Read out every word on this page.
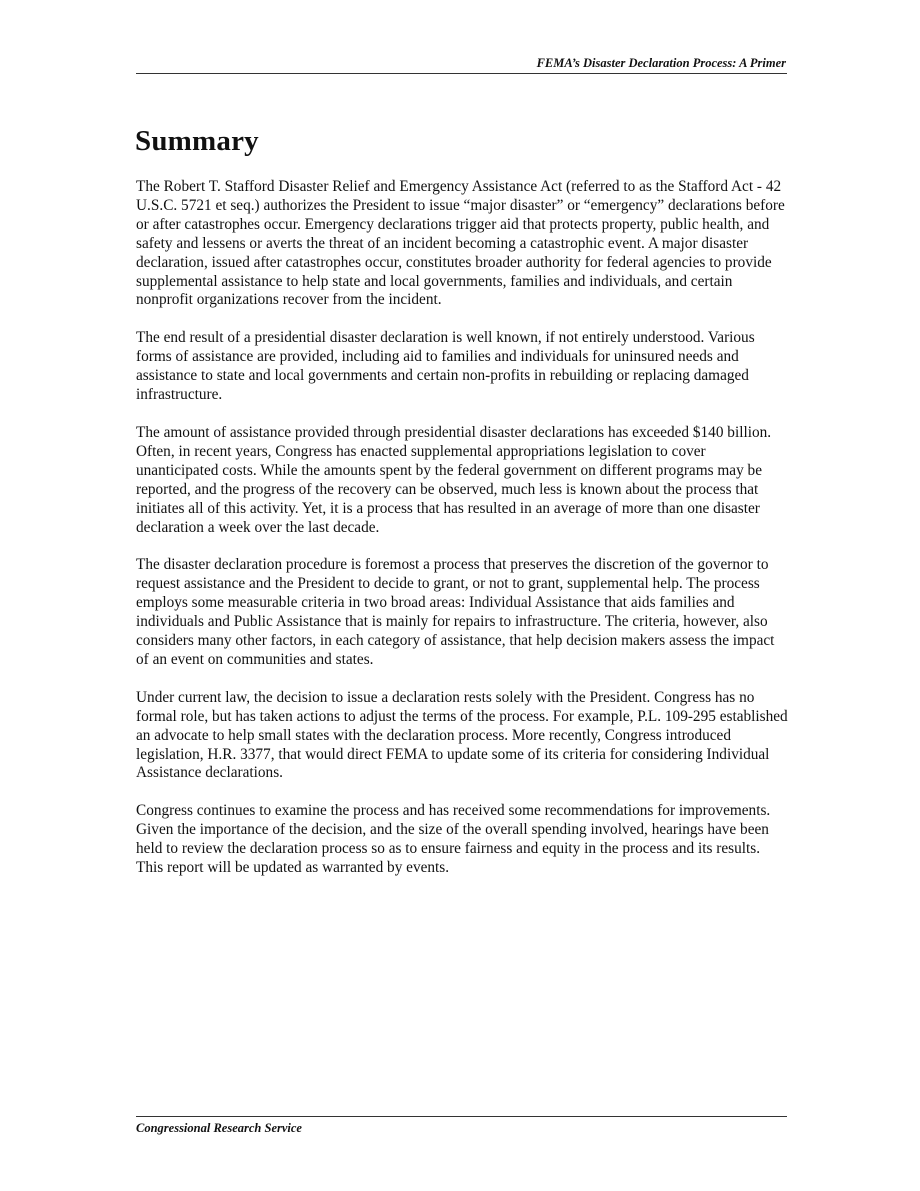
FEMA’s Disaster Declaration Process: A Primer
Summary

The Robert T. Stafford Disaster Relief and Emergency Assistance Act (referred to as the Stafford Act - 42 U.S.C. 5721 et seq.) authorizes the President to issue “major disaster” or “emergency” declarations before or after catastrophes occur. Emergency declarations trigger aid that protects property, public health, and safety and lessens or averts the threat of an incident becoming a catastrophic event. A major disaster declaration, issued after catastrophes occur, constitutes broader authority for federal agencies to provide supplemental assistance to help state and local governments, families and individuals, and certain nonprofit organizations recover from the incident.

The end result of a presidential disaster declaration is well known, if not entirely understood. Various forms of assistance are provided, including aid to families and individuals for uninsured needs and assistance to state and local governments and certain non-profits in rebuilding or replacing damaged infrastructure.

The amount of assistance provided through presidential disaster declarations has exceeded $140 billion. Often, in recent years, Congress has enacted supplemental appropriations legislation to cover unanticipated costs. While the amounts spent by the federal government on different programs may be reported, and the progress of the recovery can be observed, much less is known about the process that initiates all of this activity. Yet, it is a process that has resulted in an average of more than one disaster declaration a week over the last decade.

The disaster declaration procedure is foremost a process that preserves the discretion of the governor to request assistance and the President to decide to grant, or not to grant, supplemental help. The process employs some measurable criteria in two broad areas: Individual Assistance that aids families and individuals and Public Assistance that is mainly for repairs to infrastructure. The criteria, however, also considers many other factors, in each category of assistance, that help decision makers assess the impact of an event on communities and states.

Under current law, the decision to issue a declaration rests solely with the President. Congress has no formal role, but has taken actions to adjust the terms of the process. For example, P.L. 109-295 established an advocate to help small states with the declaration process. More recently, Congress introduced legislation, H.R. 3377, that would direct FEMA to update some of its criteria for considering Individual Assistance declarations.

Congress continues to examine the process and has received some recommendations for improvements. Given the importance of the decision, and the size of the overall spending involved, hearings have been held to review the declaration process so as to ensure fairness and equity in the process and its results. This report will be updated as warranted by events.

Congressional Research Service
